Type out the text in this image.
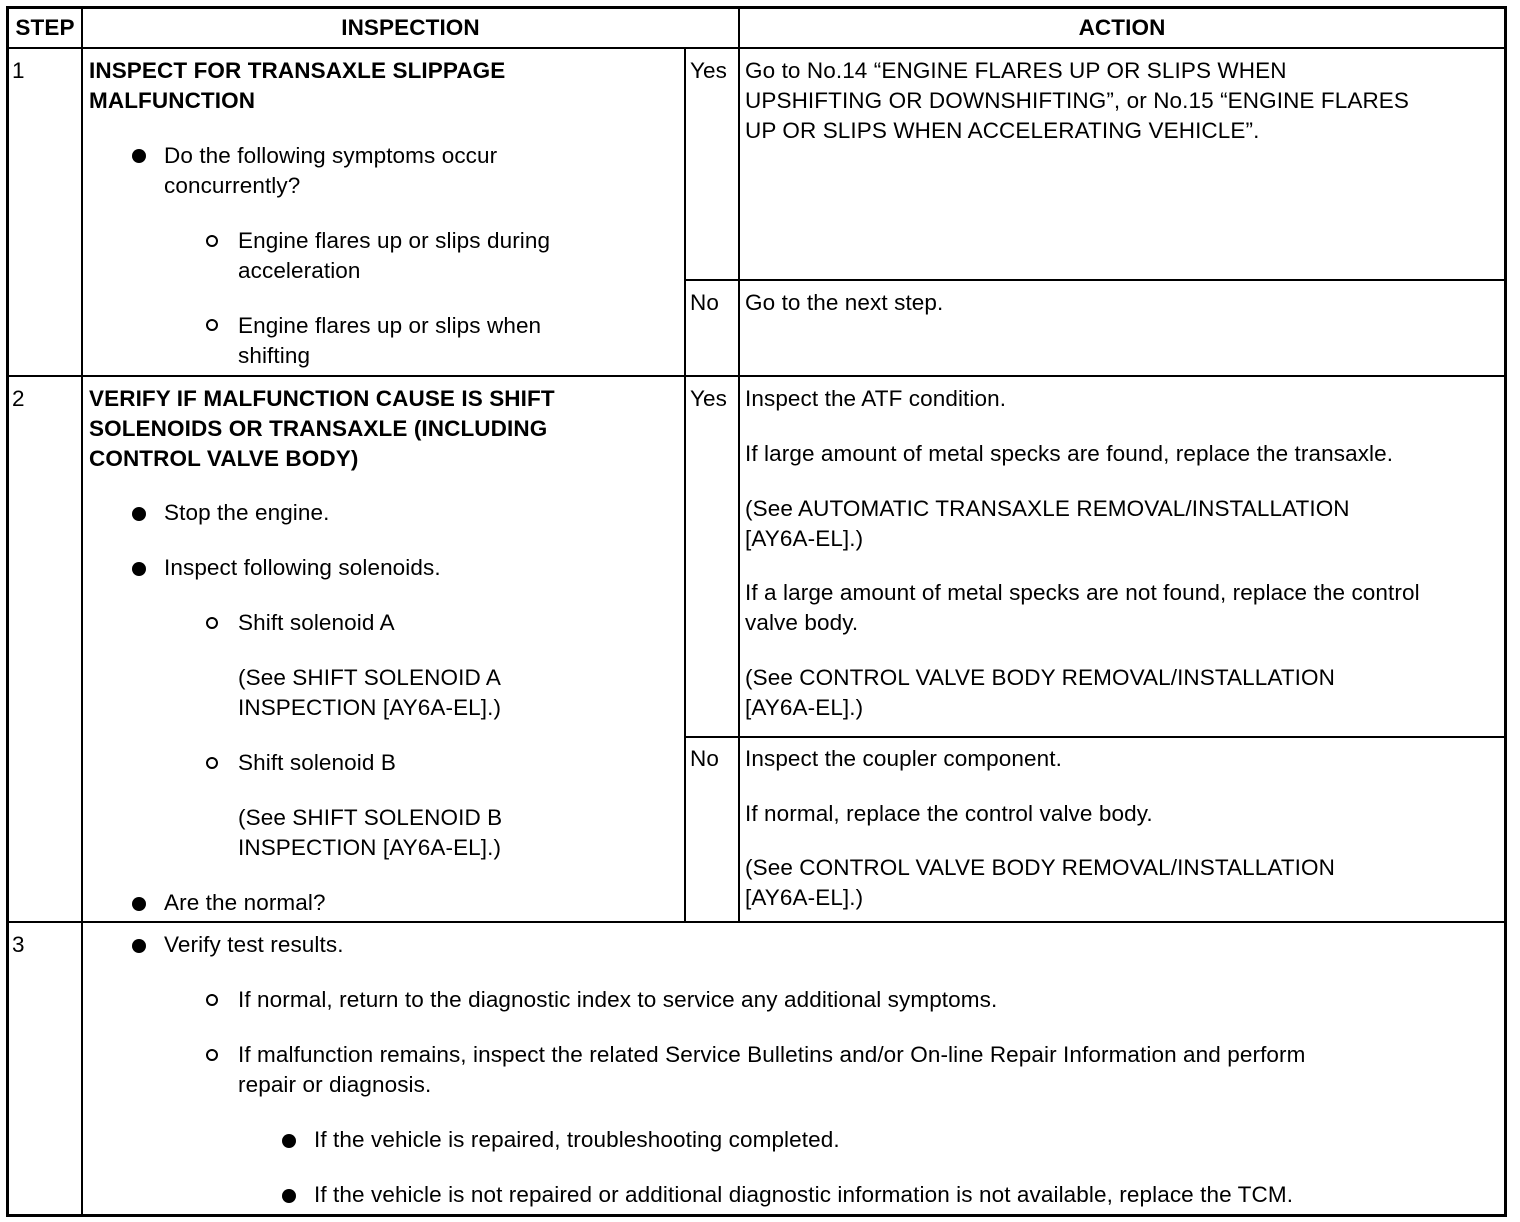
STEP	INSPECTION	ACTION
1	INSPECT FOR TRANSAXLE SLIPPAGE
MALFUNCTION
Do the following symptoms occur
concurrently?
Engine flares up or slips during
acceleration
Engine flares up or slips when
shifting
Yes Go to No.14 “ENGINE FLARES UP OR SLIPS WHEN
UPSHIFTING OR DOWNSHIFTING”, or No.15 “ENGINE FLARES
UP OR SLIPS WHEN ACCELERATING VEHICLE”.
No Go to the next step.
2	VERIFY IF MALFUNCTION CAUSE IS SHIFT
SOLENOIDS OR TRANSAXLE (INCLUDING
CONTROL VALVE BODY)
Stop the engine.
Inspect following solenoids.
Shift solenoid A
(See SHIFT SOLENOID A
INSPECTION [AY6A-EL].)
Shift solenoid B
(See SHIFT SOLENOID B
INSPECTION [AY6A-EL].)
Are the normal?
Yes Inspect the ATF condition.
If large amount of metal specks are found, replace the transaxle.
(See AUTOMATIC TRANSAXLE REMOVAL/INSTALLATION
[AY6A-EL].)
If a large amount of metal specks are not found, replace the control
valve body.
(See CONTROL VALVE BODY REMOVAL/INSTALLATION
[AY6A-EL].)
No Inspect the coupler component.
If normal, replace the control valve body.
(See CONTROL VALVE BODY REMOVAL/INSTALLATION
[AY6A-EL].)
3	Verify test results.
If normal, return to the diagnostic index to service any additional symptoms.
If malfunction remains, inspect the related Service Bulletins and/or On-line Repair Information and perform
repair or diagnosis.
If the vehicle is repaired, troubleshooting completed.
If the vehicle is not repaired or additional diagnostic information is not available, replace the TCM.
